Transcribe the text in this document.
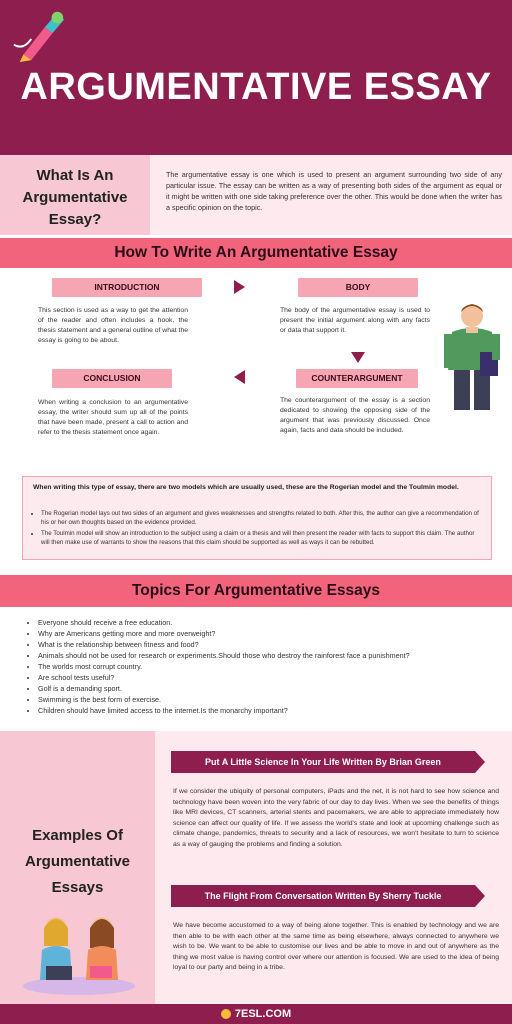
ARGUMENTATIVE ESSAY
What Is An Argumentative Essay?
The argumentative essay is one which is used to present an argument surrounding two side of any particular issue. The essay can be written as a way of presenting both sides of the argument as equal or it might be written with one side taking preference over the other. This would be done when the writer has a specific opinion on the topic.
How To Write An Argumentative Essay
INTRODUCTION
This section is used as a way to get the attention of the reader and often includes a hook, the thesis statement and a general outline of what the essay is going to be about.
BODY
The body of the argumentative essay is used to present the initial argument along with any facts or data that support it.
CONCLUSION
When writing a conclusion to an argumentative essay, the writer should sum up all of the points that have been made, present a call to action and refer to the thesis statement once again.
COUNTERARGUMENT
The counterargument of the essay is a section dedicated to showing the opposing side of the argument that was previously discussed. Once again, facts and data should be included.
When writing this type of essay, there are two models which are usually used, these are the Rogerian model and the Toulmin model.
• The Rogerian model lays out two sides of an argument and gives weaknesses and strengths related to both. After this, the author can give a recommendation of his or her own thoughts based on the evidence provided.
• The Toulmin model will show an introduction to the subject using a claim or a thesis and will then present the reader with facts to support this claim. The author will then make use of warrants to show the reasons that this claim should be supported as well as ways it can be rebutted.
Topics For Argumentative Essays
• Everyone should receive a free education.
• Why are Americans getting more and more overweight?
• What is the relationship between fitness and food?
• Animals should not be used for research or experiments.Should those who destroy the rainforest face a punishment?
• The worlds most corrupt country.
• Are school tests useful?
• Golf is a demanding sport.
• Swimming is the best form of exercise.
• Children should have limited access to the internet.Is the monarchy important?
Examples Of Argumentative Essays
Put A Little Science In Your Life Written By Brian Green
If we consider the ubiquity of personal computers, iPads and the net, it is not hard to see how science and technology have been woven into the very fabric of our day to day lives. When we see the benefits of things like MRI devices, CT scanners, arterial stents and pacemakers, we are able to appreciate immediately how science can affect our quality of life. If we assess the world's state and look at upcoming challenge such as climate change, pandemics, threats to security and a lack of resources, we won't hesitate to turn to science as a way of gauging the problems and finding a solution.
The Flight From Conversation Written By Sherry Tuckle
We have become accustomed to a way of being alone together. This is enabled by technology and we are then able to be with each other at the same time as being elsewhere, always connected to anywhere we wish to be. We want to be able to customise our lives and be able to move in and out of anywhere as the thing we most value is having control over where our attention is focused. We are used to the idea of being loyal to our party and being in a tribe.
7ESL.COM
